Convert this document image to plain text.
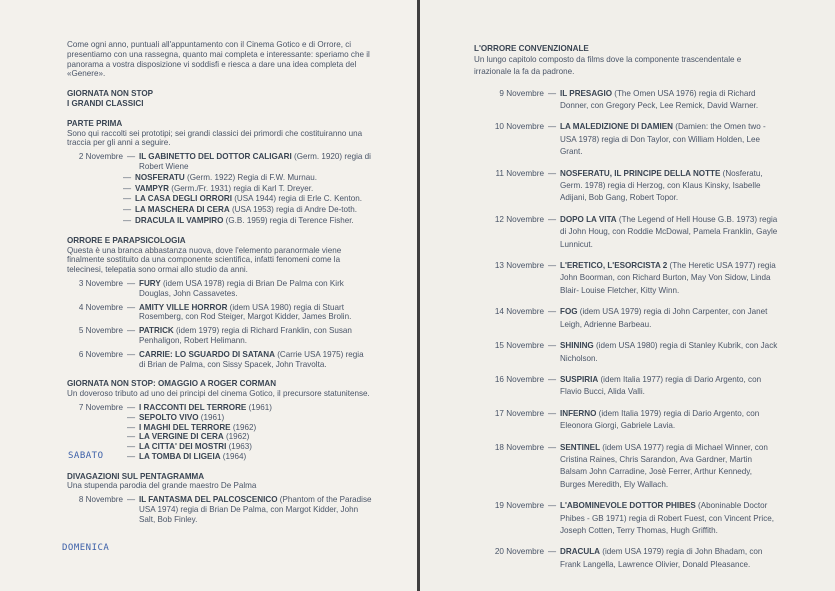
Come ogni anno, puntuali all'appuntamento con il Cinema Gotico e di Orrore, ci presentiamo con una rassegna, quanto mai completa e interessante: speriamo che il panorama a vostra disposizione vi soddisfi e riesca a dare una idea completa del «Genere».

GIORNATA NON STOP

I GRANDI CLASSICI

PARTE PRIMA

Sono qui raccolti sei prototipi; sei grandi classici dei primordi che costituiranno una traccia per gli anni a seguire.

2 Novembre — IL GABINETTO DEL DOTTOR CALIGARI (Germ. 1920) regia di Robert Wiene
— NOSFERATU (Germ. 1922) Regia di F.W. Murnau.
— VAMPYR (Germ./Fr. 1931) regia di Karl T. Dreyer.
— LA CASA DEGLI ORRORI (USA 1944) regia di Erle C. Kenton.
— LA MASCHERA DI CERA (USA 1953) regia di Andre De-toth.
— DRACULA IL VAMPIRO (G.B. 1959) regia di Terence Fisher.

ORRORE E PARAPSICOLOGIA

Questa è una branca abbastanza nuova, dove l'elemento paranormale viene finalmente sostituito da una componente scientifica, infatti fenomeni come la telecinesi, telepatia sono ormai allo studio da anni.

3 Novembre — FURY (idem USA 1978) regia di Brian De Palma con Kirk Douglas, John Cassavetes.
4 Novembre — AMITY VILLE HORROR (idem USA 1980) regia di Stuart Rosemberg, con Rod Steiger, Margot Kidder, James Brolin.
5 Novembre — PATRICK (idem 1979) regia di Richard Franklin, con Susan Penhaligon, Robert Helimann.
6 Novembre — CARRIE: LO SGUARDO DI SATANA (Carrie USA 1975) regia di Brian de Palma, con Sissy Spacek, John Travolta.

GIORNATA NON STOP: OMAGGIO A ROGER CORMAN

Un doveroso tributo ad uno dei principi del cinema Gotico, il precursore statunitense.

7 Novembre — I RACCONTI DEL TERRORE (1961)
— SEPOLTO VIVO (1961)
— I MAGHI DEL TERRORE (1962)
— LA VERGINE DI CERA (1962)
— LA CITTA' DEI MOSTRI (1963)
— LA TOMBA DI LIGEIA (1964)

DIVAGAZIONI SUL PENTAGRAMMA

Una stupenda parodia del grande maestro De Palma

8 Novembre — IL FANTASMA DEL PALCOSCENICO (Phantom of the Paradise USA 1974) regia di Brian De Palma, con Margot Kidder, John Salt, Bob Finley.
SABATO
DOMENICA

L'ORRORE CONVENZIONALE

Un lungo capitolo composto da films dove la componente trascendentale e irrazionale la fa da padrone.

9 Novembre — IL PRESAGIO (The Omen USA 1976) regia di Richard Donner, con Gregory Peck, Lee Remick, David Warner.
10 Novembre — LA MALEDIZIONE DI DAMIEN (Damien: the Omen two - USA 1978) regia di Don Taylor, con William Holden, Lee Grant.
11 Novembre — NOSFERATU, IL PRINCIPE DELLA NOTTE (Nosferatu, Germ. 1978) regia di Herzog, con Klaus Kinsky, Isabelle Adijani, Bob Gang, Robert Topor.
12 Novembre — DOPO LA VITA (The Legend of Hell House G.B. 1973) regia di John Houg, con Roddie McDowal, Pamela Franklin, Gayle Lunnicut.
13 Novembre — L'ERETICO, L'ESORCISTA 2 (The Heretic USA 1977) regia John Boorman, con Richard Burton, May Von Sidow, Linda Blair- Louise Fletcher, Kitty Winn.
14 Novembre — FOG (idem USA 1979) regia di John Carpenter, con Janet Leigh, Adrienne Barbeau.
15 Novembre — SHINING (idem USA 1980) regia di Stanley Kubrik, con Jack Nicholson.
16 Novembre — SUSPIRIA (idem Italia 1977) regia di Dario Argento, con Flavio Bucci, Alida Valli.
17 Novembre — INFERNO (idem Italia 1979) regia di Dario Argento, con Eleonora Giorgi, Gabriele Lavia.
18 Novembre — SENTINEL (idem USA 1977) regia di Michael Winner, con Cristina Raines, Chris Sarandon, Ava Gardner, Martin Balsam John Carradine, Josè Ferrer, Arthur Kennedy, Burges Meredith, Ely Wallach.
19 Novembre — L'ABOMINEVOLE DOTTOR PHIBES (Aboninable Doctor Phibes - GB 1971) regia di Robert Fuest, con Vincent Price, Joseph Cotten, Terry Thomas, Hugh Griffith.
20 Novembre — DRACULA (idem USA 1979) regia di John Bhadam, con Frank Langella, Lawrence Olivier, Donald Pleasance.
